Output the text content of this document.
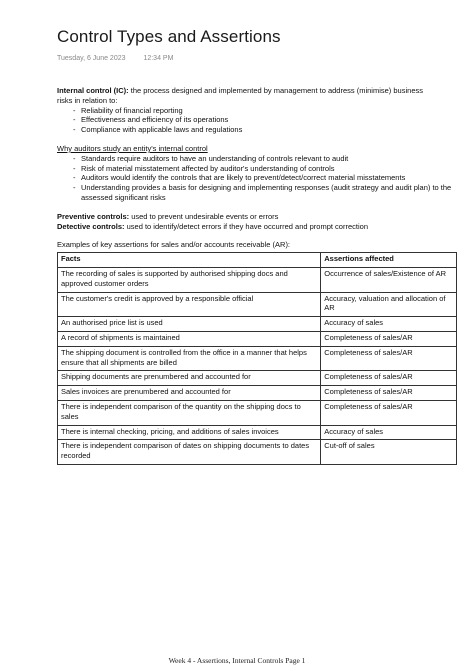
Control Types and Assertions
Tuesday, 6 June 2023	12:34 PM

Internal control (IC): the process designed and implemented by management to address (minimise) business
risks in relation to:

- Reliability of financial reporting
- Effectiveness and efficiency of its operations
- Compliance with applicable laws and regulations

Why auditors study an entity's internal control

- Standards require auditors to have an understanding of controls relevant to audit
- Risk of material misstatement affected by auditor's understanding of controls
- Auditors would identify the controls that are likely to prevent/detect/correct material misstatements
- Understanding provides a basis for designing and implementing responses (audit strategy and audit plan) to the assessed significant risks

Preventive controls: used to prevent undesirable events or errors

Detective controls: used to identify/detect errors if they have occurred and prompt correction

Examples of key assertions for sales and/or accounts receivable (AR):

Facts	Assertions affected
The recording of sales is supported by authorised shipping docs and approved customer orders	Occurrence of sales/Existence of AR
The customer's credit is approved by a responsible official	Accuracy, valuation and allocation of AR
An authorised price list is used	Accuracy of sales
A record of shipments is maintained	Completeness of sales/AR
The shipping document is controlled from the office in a manner that helps ensure that all shipments are billed	Completeness of sales/AR
Shipping documents are prenumbered and accounted for	Completeness of sales/AR
Sales invoices are prenumbered and accounted for	Completeness of sales/AR
There is independent comparison of the quantity on the shipping docs to sales	Completeness of sales/AR
There is internal checking, pricing, and additions of sales invoices	Accuracy of sales
There is independent comparison of dates on shipping documents to dates recorded	Cut-off of sales
Week 4 - Assertions, Internal Controls Page 1
